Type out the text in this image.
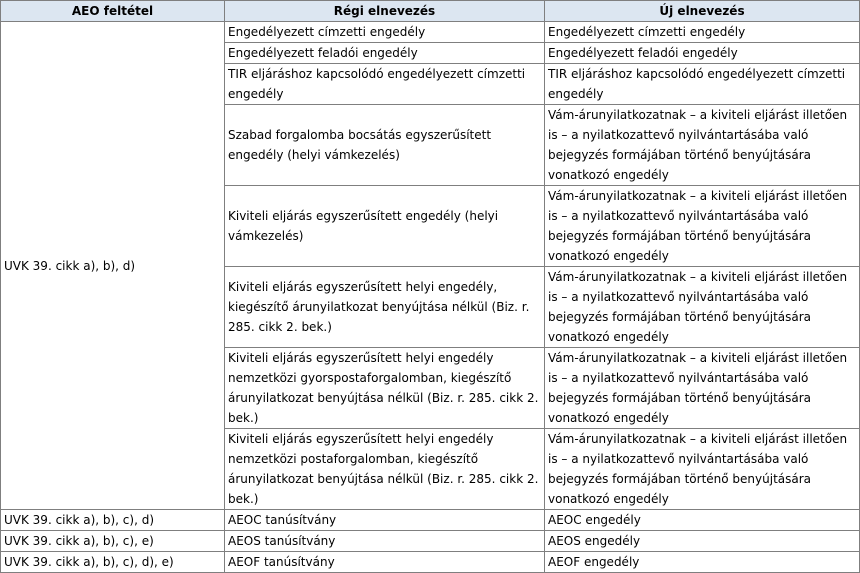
AEO feltétel	Régi elnevezés	Új elnevezés
UVK 39. cikk a), b), d)	Engedélyezett címzetti engedély	Engedélyezett címzetti engedély
	Engedélyezett feladói engedély	Engedélyezett feladói engedély
	TIR eljáráshoz kapcsolódó engedélyezett címzetti engedély	TIR eljáráshoz kapcsolódó engedélyezett címzetti engedély
	Szabad forgalomba bocsátás egyszerűsített engedély (helyi vámkezelés)	Vám-árunyilatkozatnak – a kiviteli eljárást illetően is – a nyilatkozattevő nyilvántartásába való bejegyzés formájában történő benyújtására vonatkozó engedély
	Kiviteli eljárás egyszerűsített engedély (helyi vámkezelés)	Vám-árunyilatkozatnak – a kiviteli eljárást illetően is – a nyilatkozattevő nyilvántartásába való bejegyzés formájában történő benyújtására vonatkozó engedély
	Kiviteli eljárás egyszerűsített helyi engedély, kiegészítő árunyilatkozat benyújtása nélkül (Biz. r. 285. cikk 2. bek.)	Vám-árunyilatkozatnak – a kiviteli eljárást illetően is – a nyilatkozattevő nyilvántartásába való bejegyzés formájában történő benyújtására vonatkozó engedély
	Kiviteli eljárás egyszerűsített helyi engedély nemzetközi gyorspostaforgalomban, kiegészítő árunyilatkozat benyújtása nélkül (Biz. r. 285. cikk 2. bek.)	Vám-árunyilatkozatnak – a kiviteli eljárást illetően is – a nyilatkozattevő nyilvántartásába való bejegyzés formájában történő benyújtására vonatkozó engedély
	Kiviteli eljárás egyszerűsített helyi engedély nemzetközi postaforgalomban, kiegészítő árunyilatkozat benyújtása nélkül (Biz. r. 285. cikk 2. bek.)	Vám-árunyilatkozatnak – a kiviteli eljárást illetően is – a nyilatkozattevő nyilvántartásába való bejegyzés formájában történő benyújtására vonatkozó engedély
UVK 39. cikk a), b), c), d)	AEOC tanúsítvány	AEOC engedély
UVK 39. cikk a), b), c), e)	AEOS tanúsítvány	AEOS engedély
UVK 39. cikk a), b), c), d), e)	AEOF tanúsítvány	AEOF engedély
